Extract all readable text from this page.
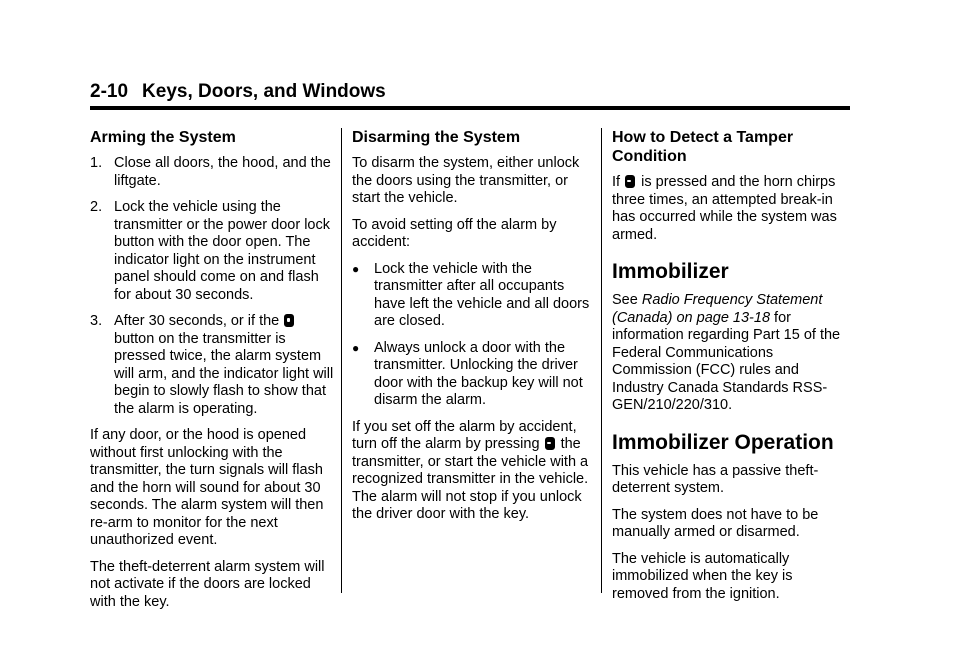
2-10 Keys, Doors, and Windows
Arming the System
1. Close all doors, the hood, and the liftgate.
2. Lock the vehicle using the transmitter or the power door lock button with the door open. The indicator light on the instrument panel should come on and flash for about 30 seconds.
3. After 30 seconds, or if the  button on the transmitter is pressed twice, the alarm system will arm, and the indicator light will begin to slowly flash to show that the alarm is operating.

If any door, or the hood is opened without first unlocking with the transmitter, the turn signals will flash and the horn will sound for about 30 seconds. The alarm system will then re-arm to monitor for the next unauthorized event.

The theft-deterrent alarm system will not activate if the doors are locked with the key.

Disarming the System

To disarm the system, either unlock the doors using the transmitter, or start the vehicle.

To avoid setting off the alarm by accident:

● Lock the vehicle with the transmitter after all occupants have left the vehicle and all doors are closed.
● Always unlock a door with the transmitter. Unlocking the driver door with the backup key will not disarm the alarm.

If you set off the alarm by accident, turn off the alarm by pressing the transmitter, or start the vehicle with a recognized transmitter in the vehicle. The alarm will not stop if you unlock the driver door with the key.

How to Detect a Tamper Condition

If is pressed and the horn chirps three times, an attempted break-in has occurred while the system was armed.

Immobilizer

See Radio Frequency Statement (Canada) on page 13-18 for information regarding Part 15 of the Federal Communications Commission (FCC) rules and Industry Canada Standards RSS-GEN/210/220/310.

Immobilizer Operation

This vehicle has a passive theft-deterrent system.

The system does not have to be manually armed or disarmed.

The vehicle is automatically immobilized when the key is removed from the ignition.
